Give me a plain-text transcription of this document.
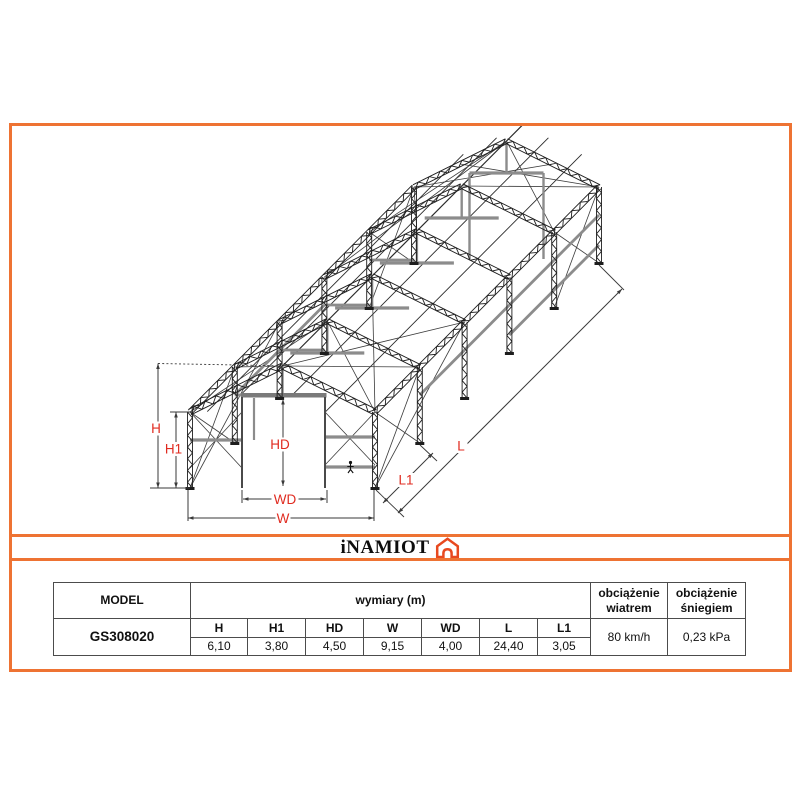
H
H1	HD
WD
W
L
L1
iNAMIOT
MODEL	wymiary (m)							obciążenie wiatrem	obciążenie śniegiem
GS308020	H	H1	HD	W	WD	L	L1	80 km/h	0,23 kPa
	6,10	3,80	4,50	9,15	4,00	24,40	3,05		
